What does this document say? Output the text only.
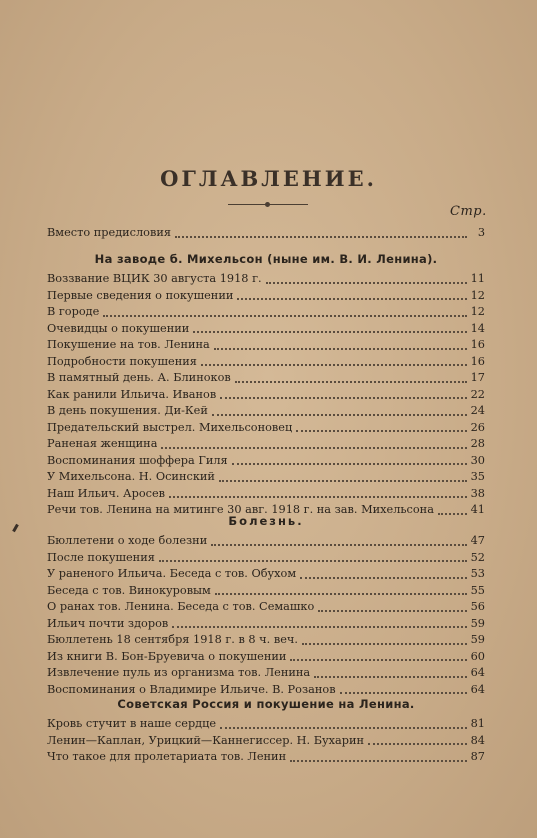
ОГЛАВЛЕНИЕ.
Стр.
Вместо предисловия	3
На заводе б. Михельсон (ныне им. В. И. Ленина).
Воззвание ВЦИК 30 августа 1918 г.	11
Первые сведения о покушении	12
В городе	12
Очевидцы о покушении	14
Покушение на тов. Ленина	16
Подробности покушения	16
В памятный день. А. Блиноков	17
Как ранили Ильича. Иванов	22
В день покушения. Ди-Кей	24
Предательский выстрел. Михельсоновец	26
Раненая женщина	28
Воспоминания шоффера Гиля	30
У Михельсона. Н. Осинский	35
Наш Ильич. Аросев	38
Речи тов. Ленина на митинге 30 авг. 1918 г. на зав. Михельсона	41
Болезнь.
Бюллетени о ходе болезни	47
После покушения	52
У раненого Ильича. Беседа с тов. Обухом	53
Беседа с тов. Винокуровым	55
О ранах тов. Ленина. Беседа с тов. Семашко	56
Ильич почти здоров	59
Бюллетень 18 сентября 1918 г. в 8 ч. веч.	59
Из книги В. Бон-Бруевича о покушении	60
Извлечение пуль из организма тов. Ленина	64
Воспоминания о Владимире Ильиче. В. Розанов	64
Советская Россия и покушение на Ленина.
Кровь стучит в наше сердце	81
Ленин—Каплан, Урицкий—Каннегиссер. Н. Бухарин	84
Что такое для пролетариата тов. Ленин	87
